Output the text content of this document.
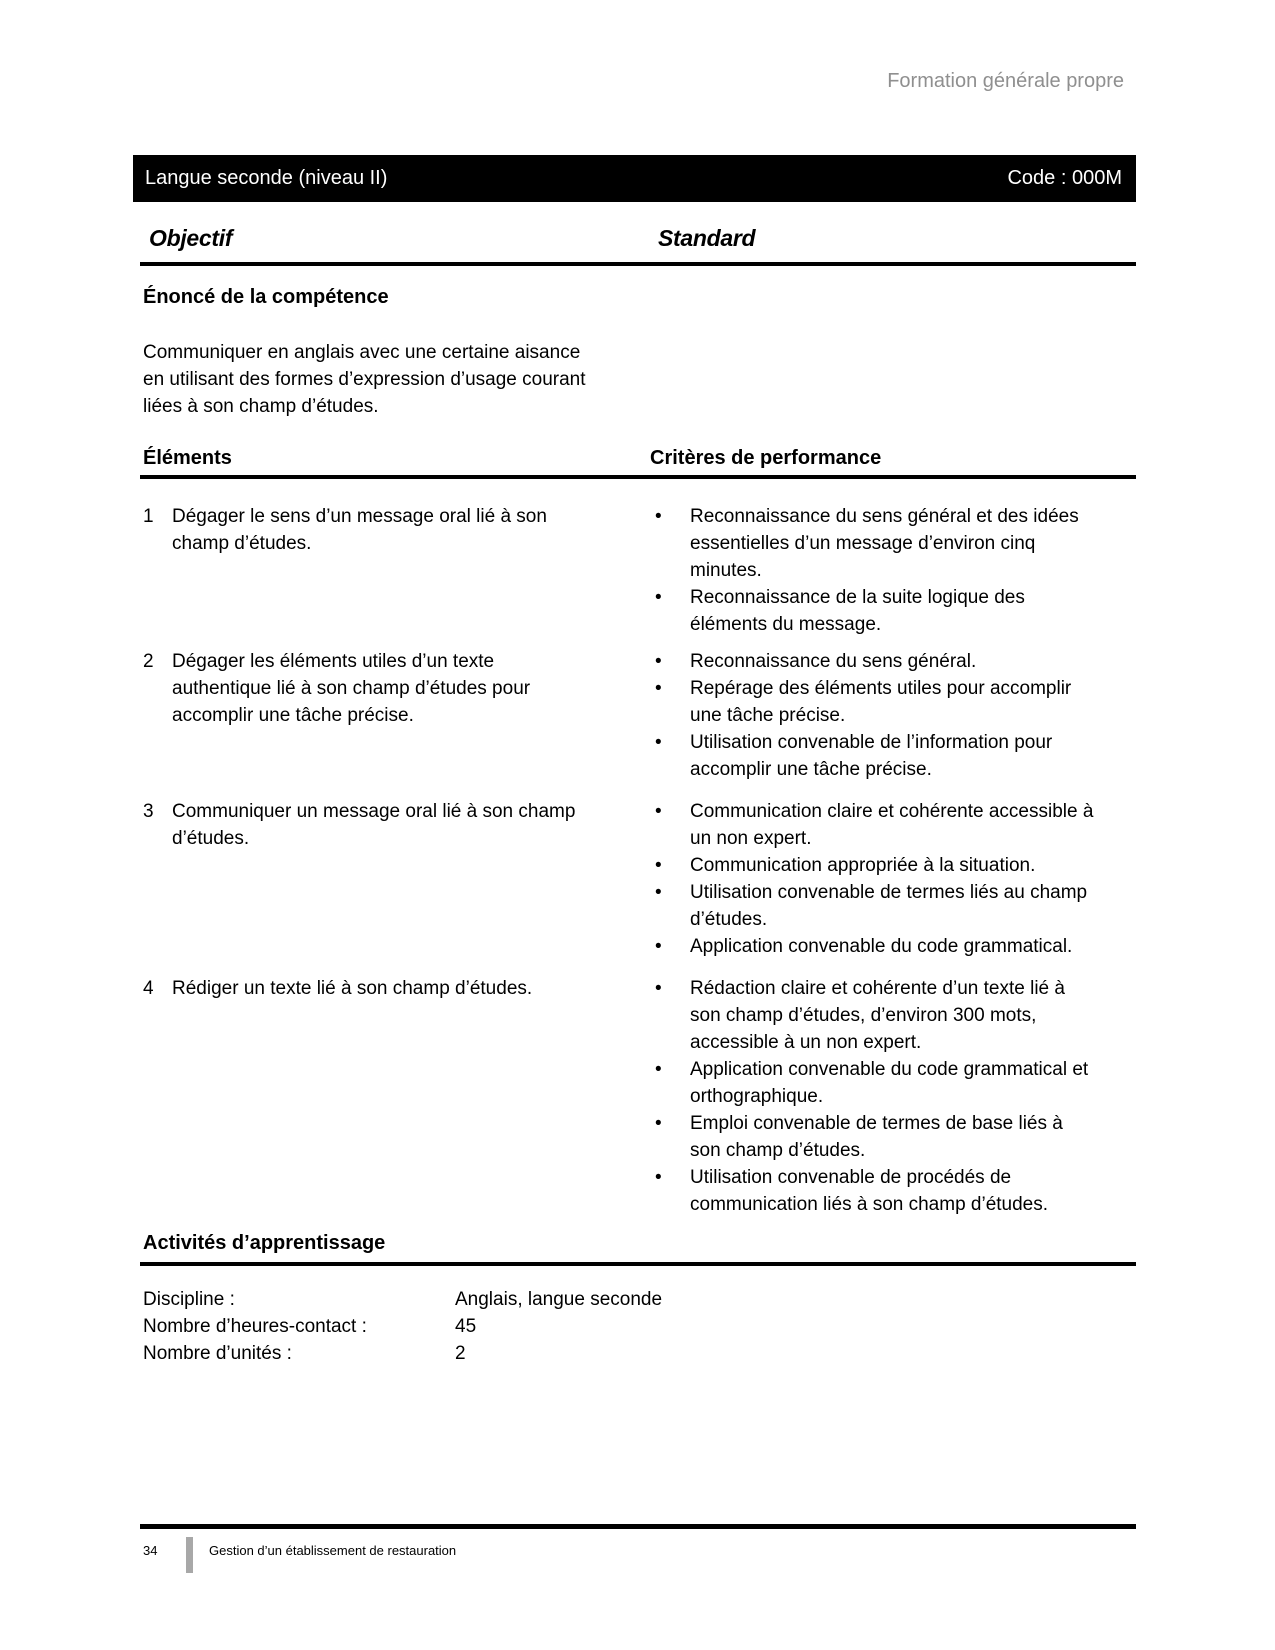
Formation générale propre
Langue seconde (niveau II)	Code : 000M
Objectif	Standard
Énoncé de la compétence
Communiquer en anglais avec une certaine aisance en utilisant des formes d’expression d’usage courant liées à son champ d’études.
Éléments	Critères de performance
1 Dégager le sens d’un message oral lié à son champ d’études.
•	Reconnaissance du sens général et des idées essentielles d’un message d’environ cinq minutes.
•	Reconnaissance de la suite logique des éléments du message.
2 Dégager les éléments utiles d’un texte authentique lié à son champ d’études pour accomplir une tâche précise.
•	Reconnaissance du sens général.
•	Repérage des éléments utiles pour accomplir une tâche précise.
•	Utilisation convenable de l’information pour accomplir une tâche précise.
3 Communiquer un message oral lié à son champ d’études.
•	Communication claire et cohérente accessible à un non expert.
•	Communication appropriée à la situation.
•	Utilisation convenable de termes liés au champ d’études.
•	Application convenable du code grammatical.
4 Rédiger un texte lié à son champ d’études.	•	Rédaction claire et cohérente d’un texte lié à son champ d’études, d’environ 300 mots, accessible à un non expert.
•	Application convenable du code grammatical et orthographique.
•	Emploi convenable de termes de base liés à son champ d’études.
•	Utilisation convenable de procédés de communication liés à son champ d’études.
Activités d’apprentissage
Discipline :	Anglais, langue seconde
Nombre d’heures-contact :	45
Nombre d’unités :	2
34	Gestion d’un établissement de restauration
